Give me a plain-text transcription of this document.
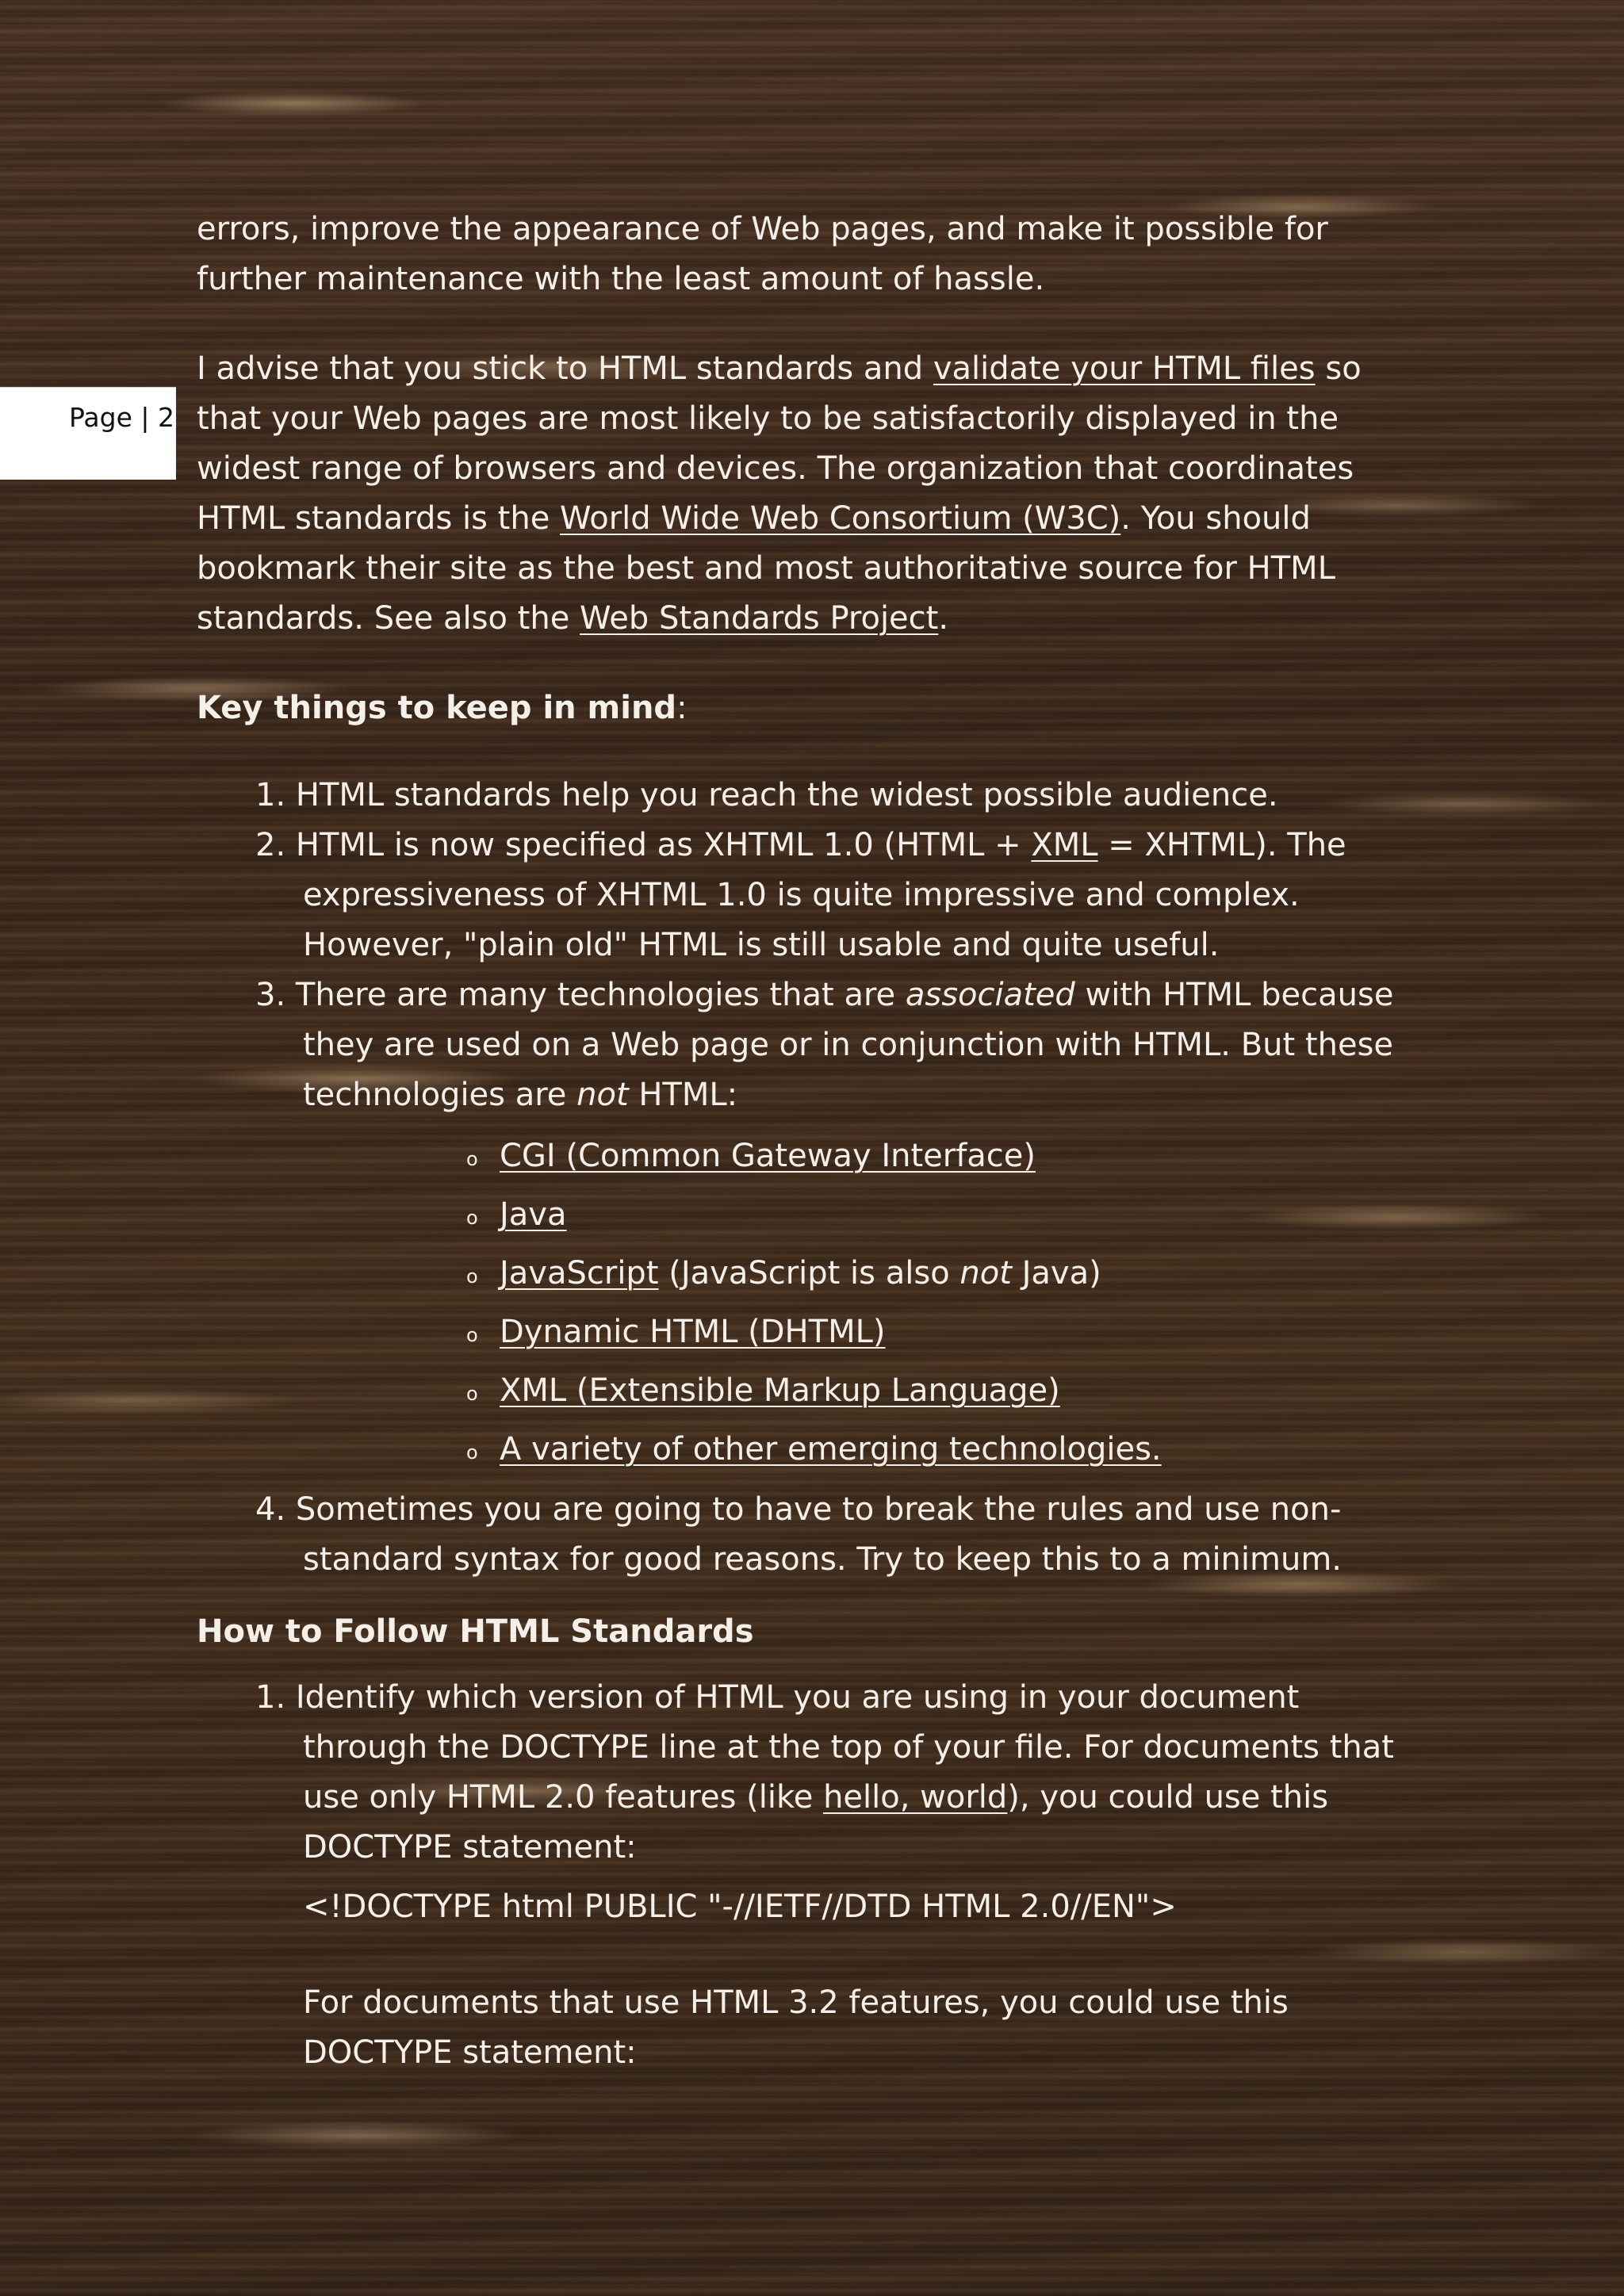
Page | 2

errors, improve the appearance of Web pages, and make it possible for further maintenance with the least amount of hassle.

I advise that you stick to HTML standards and validate your HTML files so that your Web pages are most likely to be satisfactorily displayed in the widest range of browsers and devices. The organization that coordinates HTML standards is the World Wide Web Consortium (W3C). You should bookmark their site as the best and most authoritative source for HTML standards. See also the Web Standards Project.

Key things to keep in mind:

1. HTML standards help you reach the widest possible audience.
2. HTML is now specified as XHTML 1.0 (HTML + XML = XHTML). The expressiveness of XHTML 1.0 is quite impressive and complex. However, "plain old" HTML is still usable and quite useful.
3. There are many technologies that are associated with HTML because they are used on a Web page or in conjunction with HTML. But these technologies are not HTML:
o CGI (Common Gateway Interface)
o Java
o JavaScript (JavaScript is also not Java)
o Dynamic HTML (DHTML)
o XML (Extensible Markup Language)
o A variety of other emerging technologies.
4. Sometimes you are going to have to break the rules and use non-standard syntax for good reasons. Try to keep this to a minimum.

How to Follow HTML Standards

1. Identify which version of HTML you are using in your document through the DOCTYPE line at the top of your file. For documents that use only HTML 2.0 features (like hello, world), you could use this DOCTYPE statement:
<!DOCTYPE html PUBLIC "-//IETF//DTD HTML 2.0//EN">
For documents that use HTML 3.2 features, you could use this DOCTYPE statement:
